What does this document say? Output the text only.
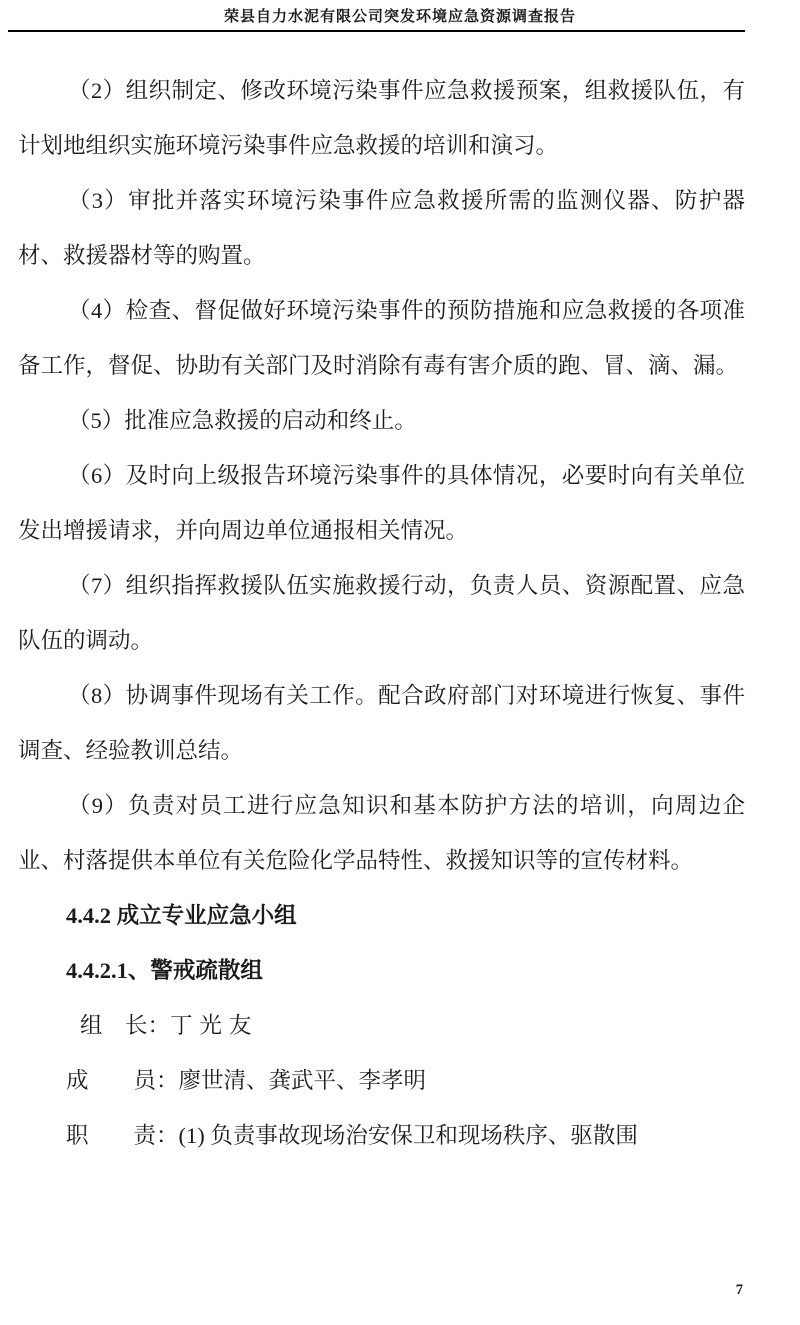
荣县自力水泥有限公司突发环境应急资源调查报告

（2）组织制定、修改环境污染事件应急救援预案，组救援队伍，有计划地组织实施环境污染事件应急救援的培训和演习。

（3）审批并落实环境污染事件应急救援所需的监测仪器、防护器材、救援器材等的购置。

（4）检查、督促做好环境污染事件的预防措施和应急救援的各项准备工作，督促、协助有关部门及时消除有毒有害介质的跑、冒、滴、漏。

（5）批准应急救援的启动和终止。

（6）及时向上级报告环境污染事件的具体情况，必要时向有关单位发出增援请求，并向周边单位通报相关情况。

（7）组织指挥救援队伍实施救援行动，负责人员、资源配置、应急队伍的调动。

（8）协调事件现场有关工作。配合政府部门对环境进行恢复、事件调查、经验教训总结。

（9）负责对员工进行应急知识和基本防护方法的培训，向周边企业、村落提供本单位有关危险化学品特性、救援知识等的宣传材料。

4.4.2 成立专业应急小组
4.4.2.1、警戒疏散组

组　长：丁光友

成　　员：廖世清、龚武平、李孝明

职　　责：(1) 负责事故现场治安保卫和现场秩序、驱散围

7
